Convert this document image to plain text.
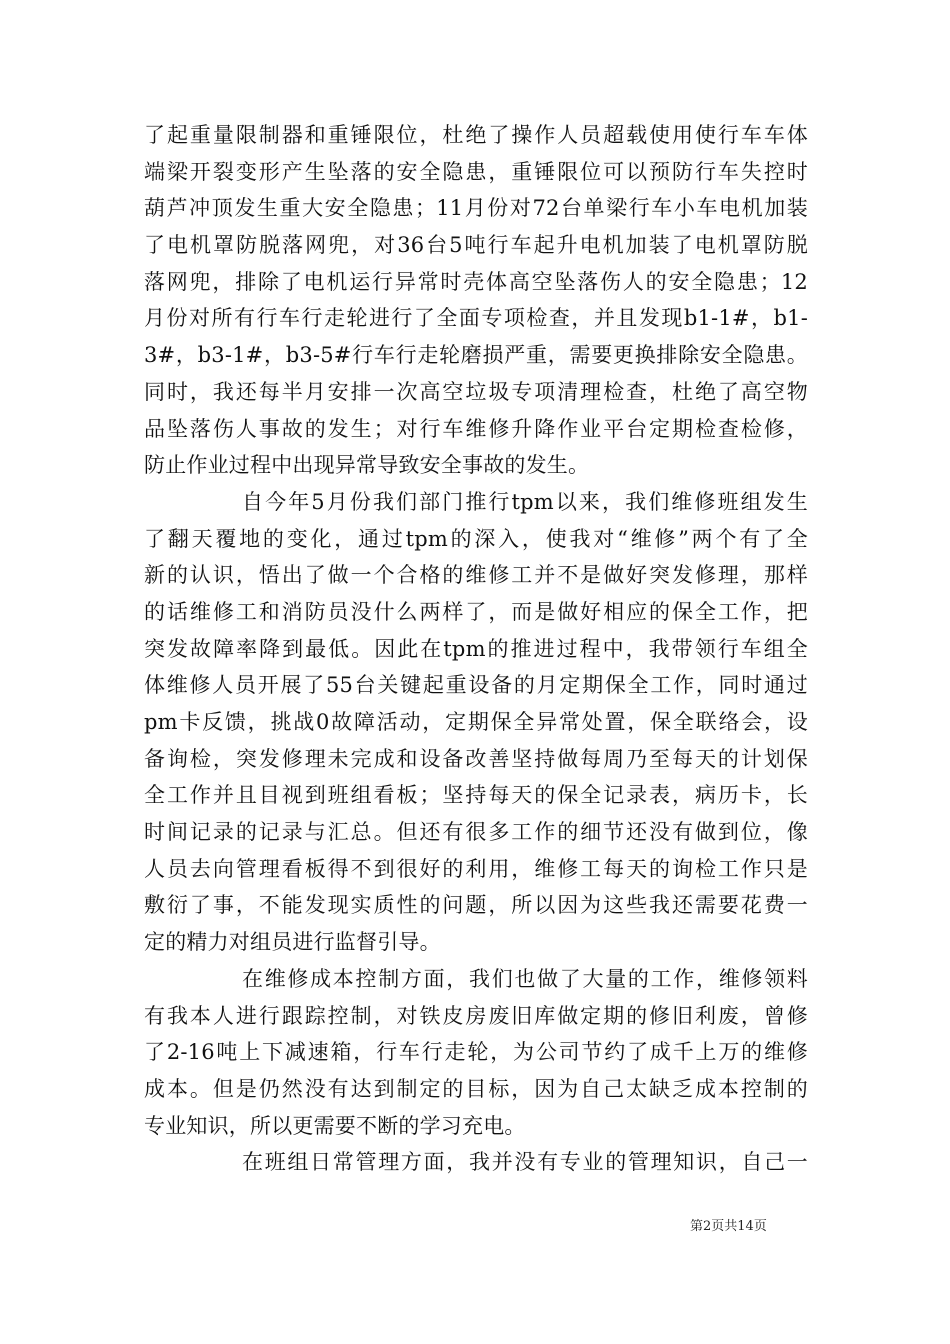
了起重量限制器和重锤限位，杜绝了操作人员超载使用使行车车体
端梁开裂变形产生坠落的安全隐患，重锤限位可以预防行车失控时
葫芦冲顶发生重大安全隐患；11月份对72台单梁行车小车电机加装
了电机罩防脱落网兜，对36台5吨行车起升电机加装了电机罩防脱
落网兜，排除了电机运行异常时壳体高空坠落伤人的安全隐患；12
月份对所有行车行走轮进行了全面专项检查，并且发现b1-1#，b1-
3#，b3-1#，b3-5#行车行走轮磨损严重，需要更换排除安全隐患。
同时，我还每半月安排一次高空垃圾专项清理检查，杜绝了高空物
品坠落伤人事故的发生；对行车维修升降作业平台定期检查检修，
防止作业过程中出现异常导致安全事故的发生。
自今年5月份我们部门推行tpm以来，我们维修班组发生
了翻天覆地的变化，通过tpm的深入，使我对“维修”两个有了全
新的认识，悟出了做一个合格的维修工并不是做好突发修理，那样
的话维修工和消防员没什么两样了，而是做好相应的保全工作，把
突发故障率降到最低。因此在tpm的推进过程中，我带领行车组全
体维修人员开展了55台关键起重设备的月定期保全工作，同时通过
pm卡反馈，挑战0故障活动，定期保全异常处置，保全联络会，设
备询检，突发修理未完成和设备改善坚持做每周乃至每天的计划保
全工作并且目视到班组看板；坚持每天的保全记录表，病历卡，长
时间记录的记录与汇总。但还有很多工作的细节还没有做到位，像
人员去向管理看板得不到很好的利用，维修工每天的询检工作只是
敷衍了事，不能发现实质性的问题，所以因为这些我还需要花费一
定的精力对组员进行监督引导。
在维修成本控制方面，我们也做了大量的工作，维修领料
有我本人进行跟踪控制，对铁皮房废旧库做定期的修旧利废，曾修
了2-16吨上下减速箱，行车行走轮，为公司节约了成千上万的维修
成本。但是仍然没有达到制定的目标，因为自己太缺乏成本控制的
专业知识，所以更需要不断的学习充电。
在班组日常管理方面，我并没有专业的管理知识，自己一
第2页共14页
